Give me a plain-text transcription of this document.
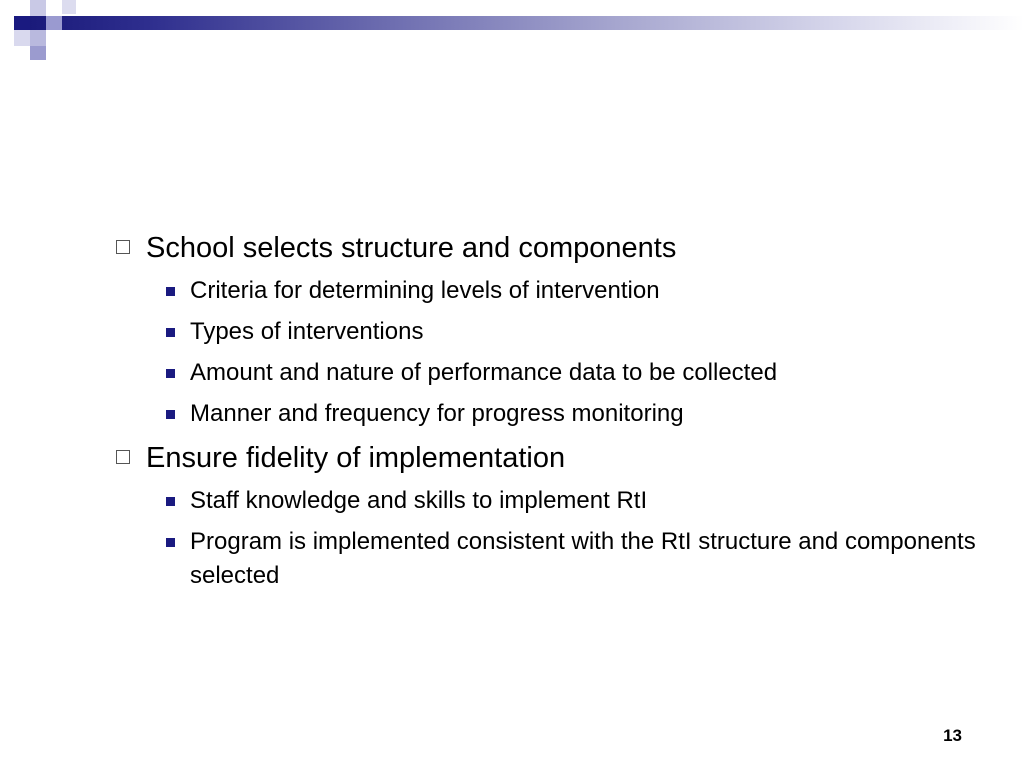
School selects structure and components
Criteria for determining levels of intervention
Types of interventions
Amount and nature of performance data to be collected
Manner and frequency for progress monitoring
Ensure fidelity of implementation
Staff knowledge and skills to implement RtI
Program is implemented consistent with the RtI structure and components selected
13
